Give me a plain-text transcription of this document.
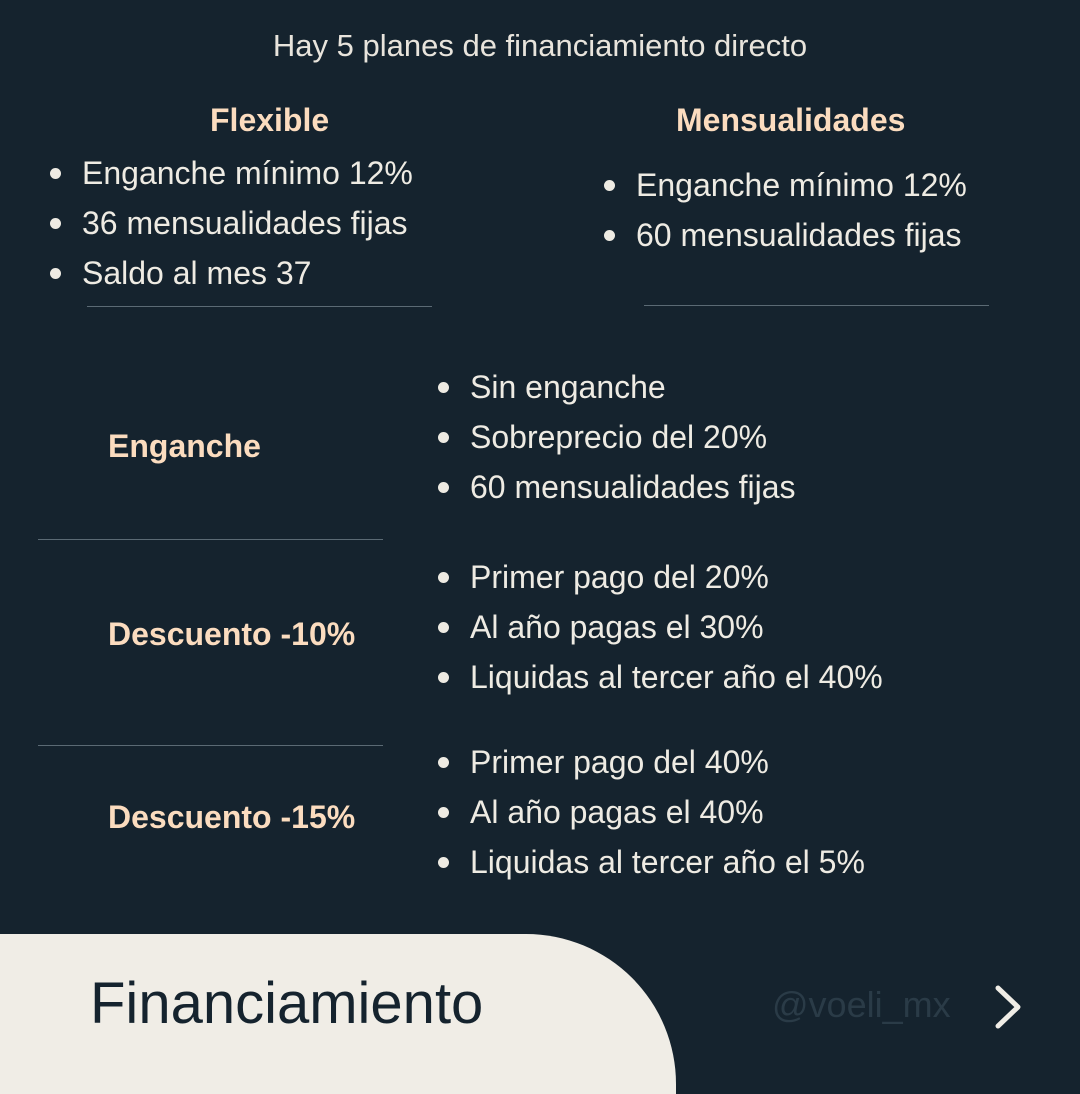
Hay 5 planes de financiamiento directo
Flexible
Enganche mínimo 12%
36 mensualidades fijas
Saldo al mes 37
Mensualidades
Enganche mínimo 12%
60 mensualidades fijas
Enganche
Sin enganche
Sobreprecio del 20%
60 mensualidades fijas
Descuento -10%
Primer pago del 20%
Al año pagas el 30%
Liquidas al tercer año el 40%
Descuento -15%
Primer pago del 40%
Al año pagas el 40%
Liquidas al tercer año el 5%
Financiamiento	@voeli_mx
